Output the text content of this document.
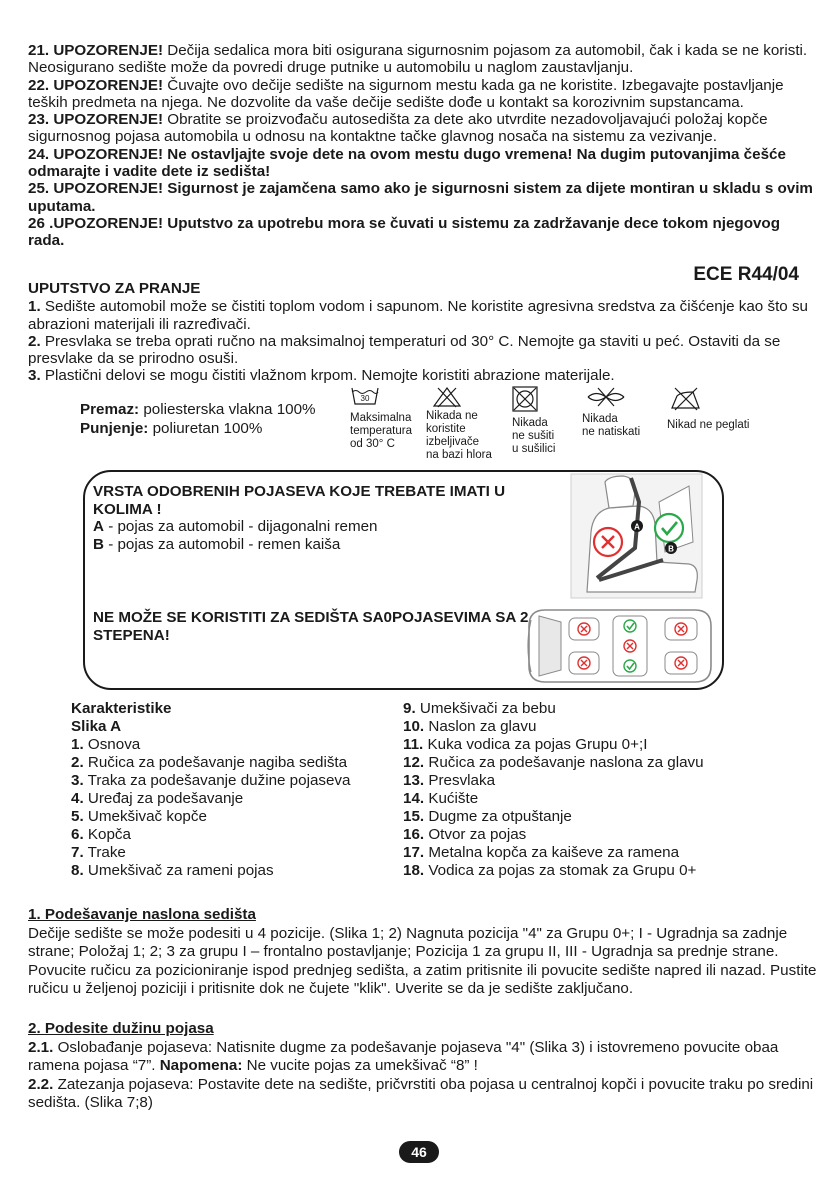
21. UPOZORENJE! Dečija sedalica mora biti osigurana sigurnosnim pojasom za automobil, čak i kada se ne koristi. Neosigurano sedište može da povredi druge putnike u automobilu u naglom zaustavljanju.

22. UPOZORENJE! Čuvajte ovo dečije sedište na sigurnom mestu kada ga ne koristite. Izbegavajte postavljanje teških predmeta na njega. Ne dozvolite da vaše dečije sedište dođe u kontakt sa korozivnim supstancama.

23. UPOZORENJE! Obratite se proizvođaču autosedišta za dete ako utvrdite nezadovoljavajući položaj kopče sigurnosnog pojasa automobila u odnosu na kontaktne tačke glavnog nosača na sistemu za vezivanje.

24. UPOZORENJE! Ne ostavljajte svoje dete na ovom mestu dugo vremena! Na dugim putovanjima češće odmarajte i vadite dete iz sedišta!

25. UPOZORENJE! Sigurnost je zajamčena samo ako je sigurnosni sistem za dijete montiran u skladu s ovim uputama.

26 .UPOZORENJE! Uputstvo za upotrebu mora se čuvati u sistemu za zadržavanje dece tokom njegovog rada.

ECE R44/04
UPUTSTVO ZA PRANJE

1. Sedište automobil može se čistiti toplom vodom i sapunom. Ne koristite agresivna sredstva za čišćenje kao što su abrazioni materijali ili razređivači.

2. Presvlaka se treba oprati ručno na maksimalnoj temperaturi od 30° C. Nemojte ga staviti u peć. Ostaviti da se presvlake da se prirodno osuši.

3. Plastični delovi se mogu čistiti vlažnom krpom. Nemojte koristiti abrazione materijale.

Premaz: poliesterska vlakna 100%
Punjenje: poliuretan 100%
30
Maksimalna
temperatura
od 30° C
Nikada ne
koristite
izbeljivače
na bazi hlora
Nikada
ne sušiti
u sušilici
Nikada
ne natiskati
Nikad ne peglati
VRSTA ODOBRENIH POJASEVA KOJE TREBATE IMATI U KOLIMA !
A - pojas za automobil - dijagonalni remen
B - pojas za automobil - remen kaiša
NE MOŽE SE KORISTITI ZA SEDIŠTA SA0POJASEVIMA SA 2 STEPENA!
A
B
Karakteristike
Slika A
1. Osnova
2. Ručica za podešavanje nagiba sedišta
3. Traka za podešavanje dužine pojaseva
4. Uređaj za podešavanje
5. Umekšivač kopče
6. Kopča
7. Trake
8. Umekšivač za rameni pojas
9. Umekšivači za bebu
10. Naslon za glavu
11. Kuka vodica za pojas Grupu 0+;I
12. Ručica za podešavanje naslona za glavu
13. Presvlaka
14. Kućište
15. Dugme za otpuštanje
16. Otvor za pojas
17. Metalna kopča za kaiševe za ramena
18. Vodica za pojas za stomak za Grupu 0+
1. Podešavanje naslona sedišta

Dečije sedište se može podesiti u 4 pozicije. (Slika 1; 2) Nagnuta pozicija "4" za Grupu 0+; I - Ugradnja sa zadnje strane; Položaj 1; 2; 3 za grupu I – frontalno postavljanje; Pozicija 1 za grupu II, III - Ugradnja sa prednje strane. Povucite ručicu za pozicioniranje ispod prednjeg sedišta, a zatim pritisnite ili povucite sedište napred ili nazad. Pustite ručicu u željenoj poziciji i pritisnite dok ne čujete "klik". Uverite se da je sedište zaključano.

2. Podesite dužinu pojasa

2.1. Oslobađanje pojaseva: Natisnite dugme za podešavanje pojaseva "4" (Slika 3) i istovremeno povucite obaa ramena pojasa “7”. Napomena: Ne vucite pojas za umekšivač “8” !

2.2. Zatezanja pojaseva: Postavite dete na sedište, pričvrstiti oba pojasa u centralnoj kopči i povucite traku po sredini sedišta. (Slika 7;8)

46
